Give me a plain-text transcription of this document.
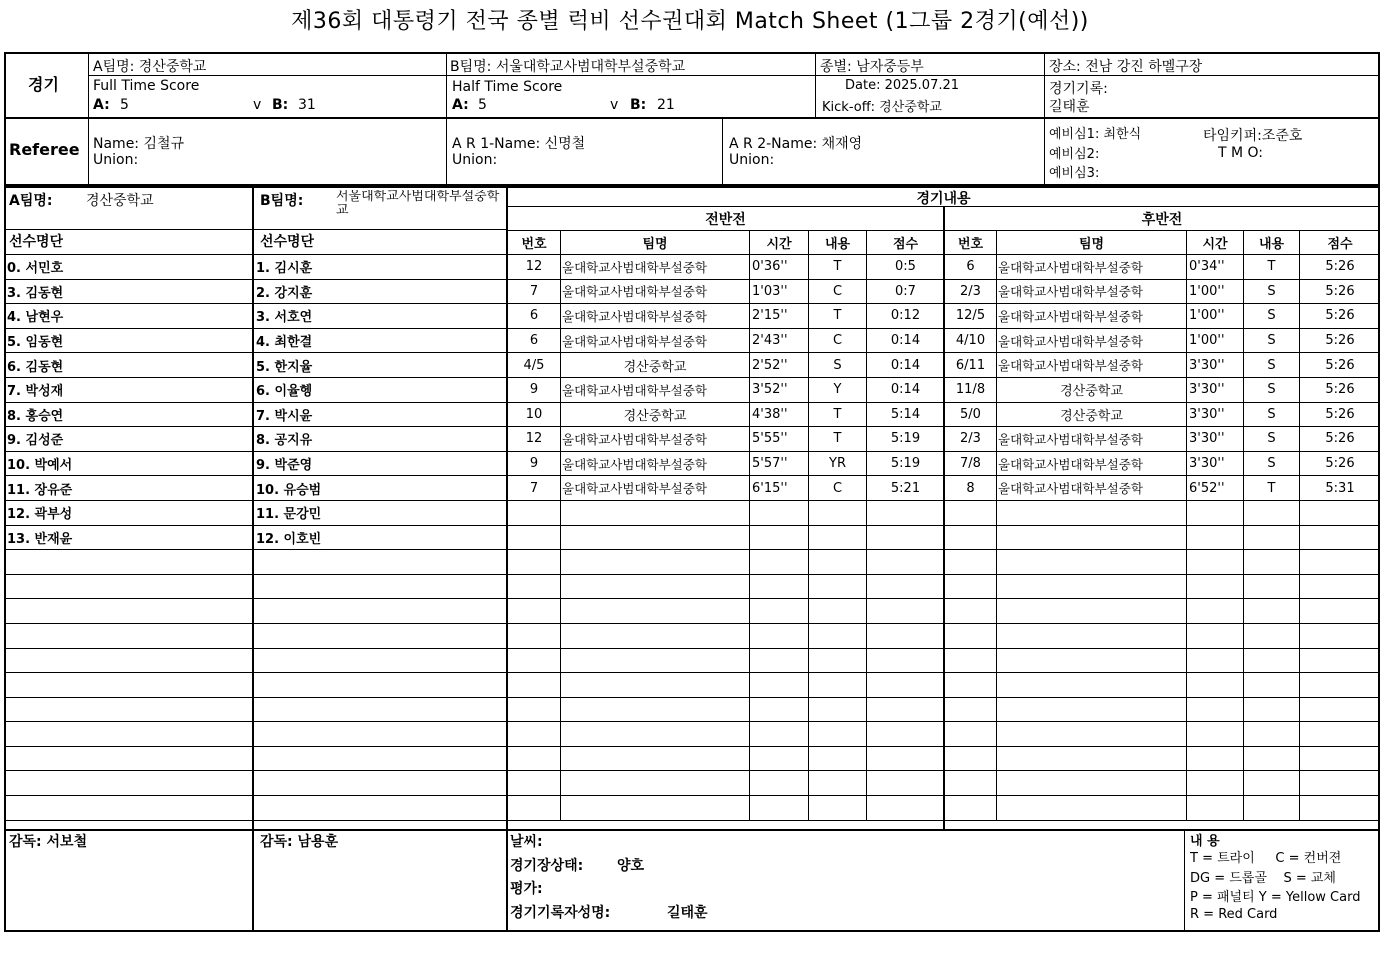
제36회 대통령기 전국 종별 럭비 선수권대회 Match Sheet (1그룹 2경기(예선))
경기
A팀명: 경산중학교	B팀명: 서울대학교사범대학부설중학교	종별: 남자중등부	장소: 전남 강진 하멜구장
Full Time Score
A: 5	v B: 31
Half Time Score
A: 5	v B: 21
Date: 2025.07.21
Kick-off: 경산중학교
경기기록:
길태훈
Referee Name: 김철규
Union:
A R 1-Name: 신명철
Union:
A R 2-Name: 채재영
Union:
예비심1: 최한식
예비심2:
예비심3:
타임키퍼:조준호
T M O:
A팀명: 경산중학교	B팀명:	서울대학교사범대학부설중학교
선수명단	선수명단
0. 서민호	1. 김시훈
3. 김동현	2. 강지훈
4. 남현우	3. 서호연
5. 임동현	4. 최한결
6. 김동현	5. 한지율
7. 박성재	6. 이율헹
8. 홍승연	7. 박시윤
9. 김성준	8. 공지유
10. 박예서	9. 박준영
11. 장유준	10. 유승범
12. 곽부성	11. 문강민
13. 반재윤	12. 이호빈

경기내용
전반전	후반전
번호	팀명	시간	내용	점수	번호	팀명	시간	내용	점수
12	울대학교사범대학부설중학	0'36''	T	0:5	6	울대학교사범대학부설중학	0'34''	T	5:26
7	울대학교사범대학부설중학	1'03''	C	0:7	2/3	울대학교사범대학부설중학	1'00''	S	5:26
6	울대학교사범대학부설중학	2'15''	T	0:12	12/5	울대학교사범대학부설중학	1'00''	S	5:26
6	울대학교사범대학부설중학	2'43''	C	0:14	4/10	울대학교사범대학부설중학	1'00''	S	5:26
4/5	경산중학교	2'52''	S	0:14	6/11	울대학교사범대학부설중학	3'30''	S	5:26
9	울대학교사범대학부설중학	3'52''	Y	0:14	11/8	경산중학교	3'30''	S	5:26
10	경산중학교	4'38''	T	5:14	5/0	경산중학교	3'30''	S	5:26
12	울대학교사범대학부설중학	5'55''	T	5:19	2/3	울대학교사범대학부설중학	3'30''	S	5:26
9	울대학교사범대학부설중학	5'57''	YR	5:19	7/8	울대학교사범대학부설중학	3'30''	S	5:26
7	울대학교사범대학부설중학	6'15''	C	5:21	8	울대학교사범대학부설중학	6'52''	T	5:31

감독: 서보철	감독: 남용훈	날씨:
경기장상태: 양호
평가:
경기기록자성명:	길태훈
내 용
T = 트라이     C = 컨버젼
DG = 드롭골    S = 교체
P = 패널티 Y = Yellow Card
R = Red Card
